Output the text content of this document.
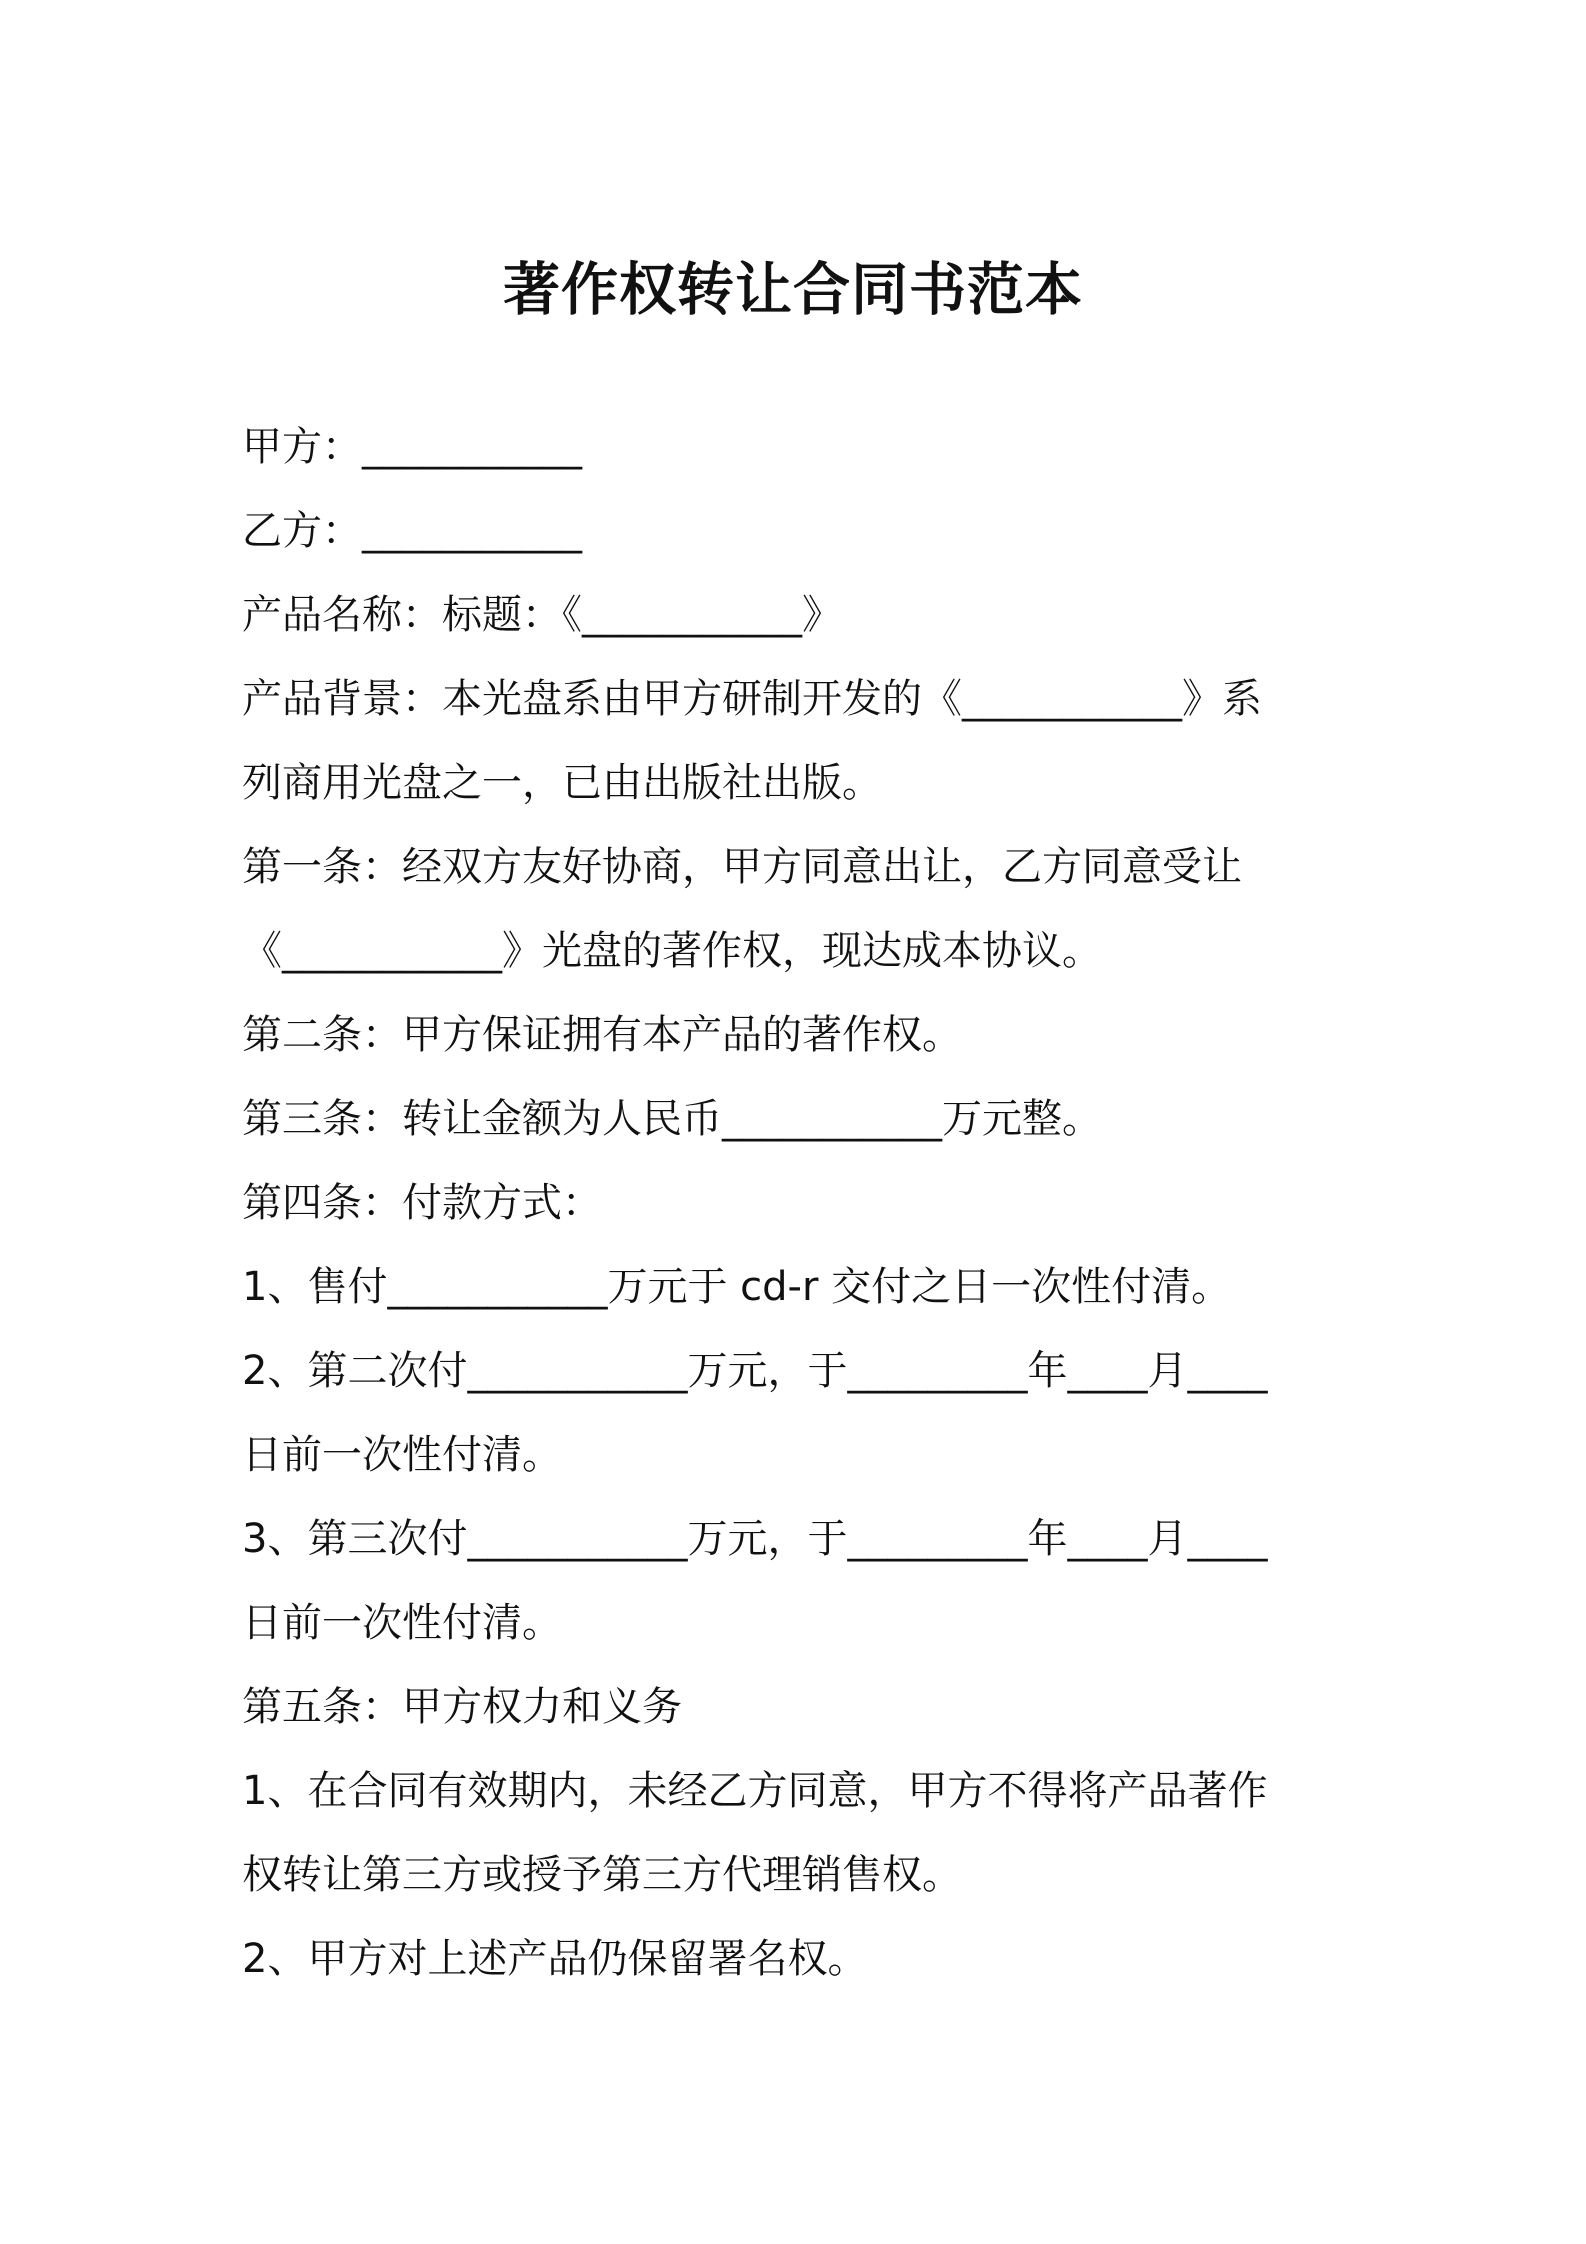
著作权转让合同书范本

甲方：___________

乙方：___________

产品名称：标题：《___________》

产品背景：本光盘系由甲方研制开发的《___________》系

列商用光盘之一，已由出版社出版。

第一条：经双方友好协商，甲方同意出让，乙方同意受让

《___________》光盘的著作权，现达成本协议。

第二条：甲方保证拥有本产品的著作权。

第三条：转让金额为人民币___________万元整。

第四条：付款方式：

1、售付___________万元于 cd-r 交付之日一次性付清。

2、第二次付___________万元，于_________年____月____

日前一次性付清。

3、第三次付___________万元，于_________年____月____

日前一次性付清。

第五条：甲方权力和义务

1、在合同有效期内，未经乙方同意，甲方不得将产品著作

权转让第三方或授予第三方代理销售权。

2、甲方对上述产品仍保留署名权。
